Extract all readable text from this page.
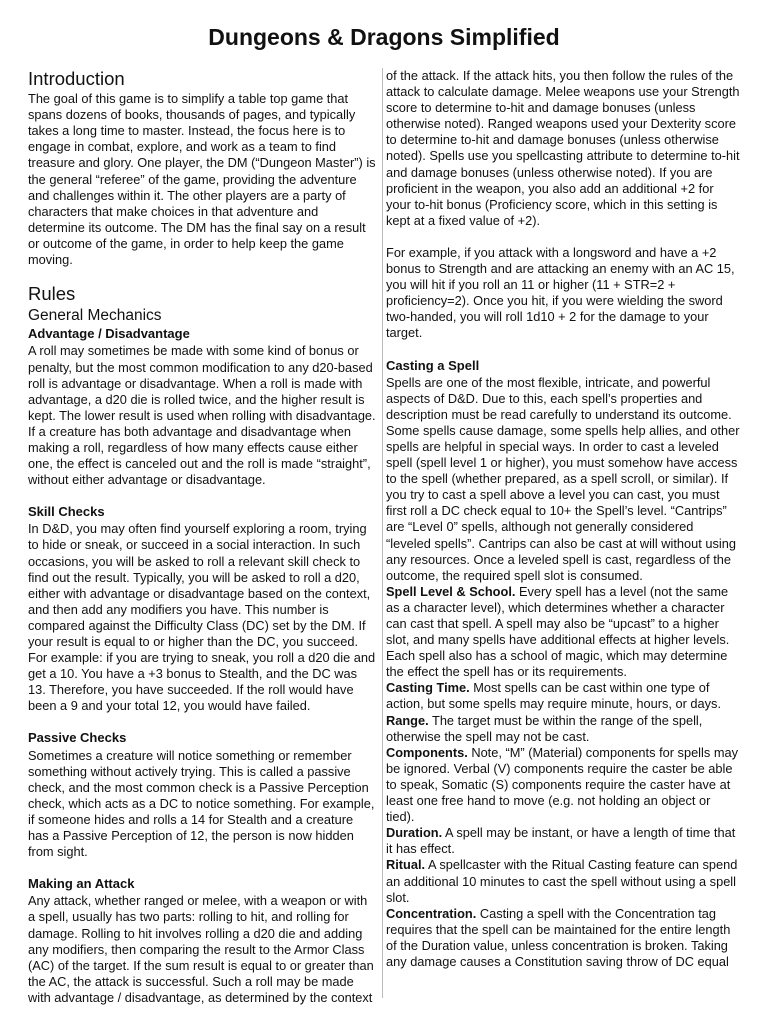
Dungeons & Dragons Simplified
Introduction

The goal of this game is to simplify a table top game that spans dozens of books, thousands of pages, and typically takes a long time to master. Instead, the focus here is to engage in combat, explore, and work as a team to find treasure and glory. One player, the DM (“Dungeon Master”) is the general “referee” of the game, providing the adventure and challenges within it. The other players are a party of characters that make choices in that adventure and determine its outcome. The DM has the final say on a result or outcome of the game, in order to help keep the game moving.

Rules
General Mechanics
Advantage / Disadvantage

A roll may sometimes be made with some kind of bonus or penalty, but the most common modification to any d20-based roll is advantage or disadvantage. When a roll is made with advantage, a d20 die is rolled twice, and the higher result is kept. The lower result is used when rolling with disadvantage. If a creature has both advantage and disadvantage when making a roll, regardless of how many effects cause either one, the effect is canceled out and the roll is made “straight”, without either advantage or disadvantage.

Skill Checks

In D&D, you may often find yourself exploring a room, trying to hide or sneak, or succeed in a social interaction. In such occasions, you will be asked to roll a relevant skill check to find out the result. Typically, you will be asked to roll a d20, either with advantage or disadvantage based on the context, and then add any modifiers you have. This number is compared against the Difficulty Class (DC) set by the DM. If your result is equal to or higher than the DC, you succeed. For example: if you are trying to sneak, you roll a d20 die and get a 10. You have a +3 bonus to Stealth, and the DC was 13. Therefore, you have succeeded. If the roll would have been a 9 and your total 12, you would have failed.

Passive Checks

Sometimes a creature will notice something or remember something without actively trying. This is called a passive check, and the most common check is a Passive Perception check, which acts as a DC to notice something. For example, if someone hides and rolls a 14 for Stealth and a creature has a Passive Perception of 12, the person is now hidden from sight.

Making an Attack

Any attack, whether ranged or melee, with a weapon or with a spell, usually has two parts: rolling to hit, and rolling for damage. Rolling to hit involves rolling a d20 die and adding any modifiers, then comparing the result to the Armor Class (AC) of the target. If the sum result is equal to or greater than the AC, the attack is successful. Such a roll may be made with advantage / disadvantage, as determined by the context

of the attack. If the attack hits, you then follow the rules of the attack to calculate damage. Melee weapons use your Strength score to determine to-hit and damage bonuses (unless otherwise noted). Ranged weapons used your Dexterity score to determine to-hit and damage bonuses (unless otherwise noted). Spells use you spellcasting attribute to determine to-hit and damage bonuses (unless otherwise noted). If you are proficient in the weapon, you also add an additional +2 for your to-hit bonus (Proficiency score, which in this setting is kept at a fixed value of +2).

For example, if you attack with a longsword and have a +2 bonus to Strength and are attacking an enemy with an AC 15, you will hit if you roll an 11 or higher (11 + STR=2 + proficiency=2). Once you hit, if you were wielding the sword two-handed, you will roll 1d10 + 2 for the damage to your target.

Casting a Spell

Spells are one of the most flexible, intricate, and powerful aspects of D&D. Due to this, each spell’s properties and description must be read carefully to understand its outcome. Some spells cause damage, some spells help allies, and other spells are helpful in special ways. In order to cast a leveled spell (spell level 1 or higher), you must somehow have access to the spell (whether prepared, as a spell scroll, or similar). If you try to cast a spell above a level you can cast, you must first roll a DC check equal to 10+ the Spell’s level. “Cantrips” are “Level 0” spells, although not generally considered “leveled spells”. Cantrips can also be cast at will without using any resources. Once a leveled spell is cast, regardless of the outcome, the required spell slot is consumed.

Spell Level & School. Every spell has a level (not the same as a character level), which determines whether a character can cast that spell. A spell may also be “upcast” to a higher slot, and many spells have additional effects at higher levels. Each spell also has a school of magic, which may determine the effect the spell has or its requirements.

Casting Time. Most spells can be cast within one type of action, but some spells may require minute, hours, or days.

Range. The target must be within the range of the spell, otherwise the spell may not be cast.

Components. Note, “M” (Material) components for spells may be ignored. Verbal (V) components require the caster be able to speak, Somatic (S) components require the caster have at least one free hand to move (e.g. not holding an object or tied).

Duration. A spell may be instant, or have a length of time that it has effect.

Ritual. A spellcaster with the Ritual Casting feature can spend an additional 10 minutes to cast the spell without using a spell slot.

Concentration. Casting a spell with the Concentration tag requires that the spell can be maintained for the entire length of the Duration value, unless concentration is broken. Taking any damage causes a Constitution saving throw of DC equal
